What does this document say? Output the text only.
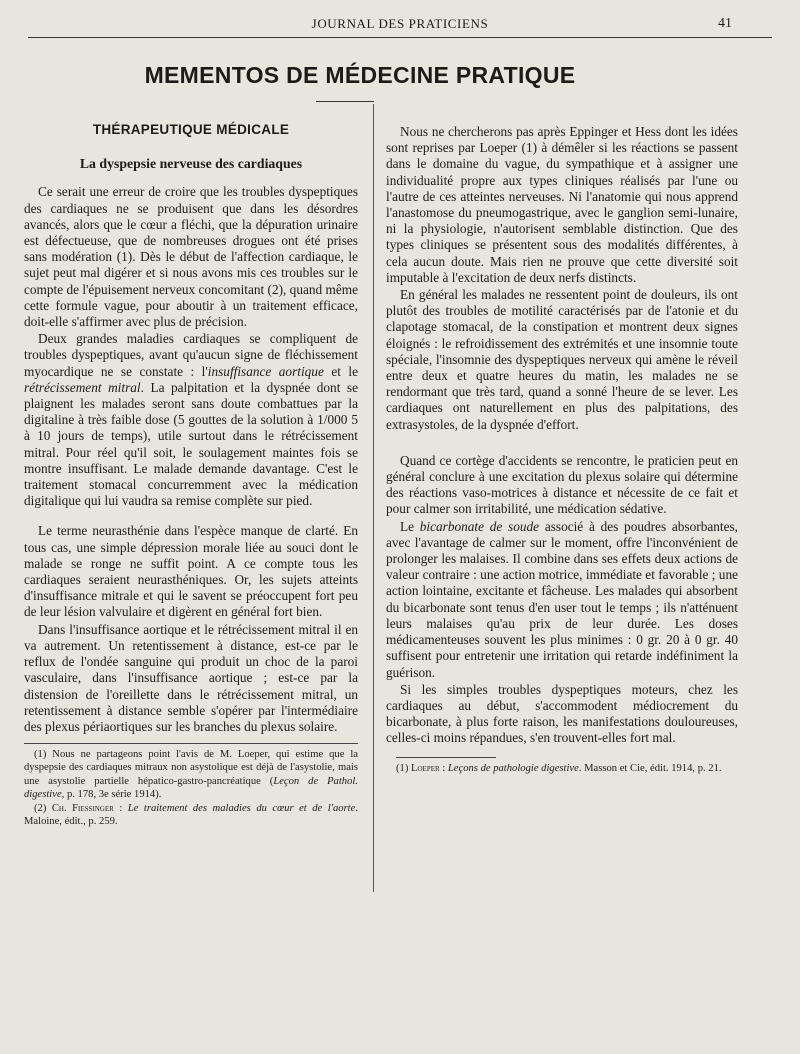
JOURNAL DES PRATICIENS	41
MEMENTOS DE MÉDECINE PRATIQUE
THÉRAPEUTIQUE MÉDICALE
La dyspepsie nerveuse des cardiaques

Ce serait une erreur de croire que les troubles dyspeptiques des cardiaques ne se produisent que dans les désordres avancés, alors que le cœur a fléchi, que la dépuration urinaire est défectueuse, que de nombreuses drogues ont été prises sans modération (1). Dès le début de l'affection cardiaque, le sujet peut mal digérer et si nous avons mis ces troubles sur le compte de l'épuisement nerveux concomitant (2), quand même cette formule vague, pour aboutir à un traitement efficace, doit-elle s'affirmer avec plus de précision.

Deux grandes maladies cardiaques se compliquent de troubles dyspeptiques, avant qu'aucun signe de fléchissement myocardique ne se constate : l'insuffisance aortique et le rétrécissement mitral. La palpitation et la dyspnée dont se plaignent les malades seront sans doute combattues par la digitaline à très faible dose (5 gouttes de la solution à 1/000 5 à 10 jours de temps), utile surtout dans le rétrécissement mitral. Pour réel qu'il soit, le soulagement maintes fois se montre insuffisant. Le malade demande davantage. C'est le traitement stomacal concurremment avec la médication digitalique qui lui vaudra sa remise complète sur pied.

Le terme neurasthénie dans l'espèce manque de clarté. En tous cas, une simple dépression morale liée au souci dont le malade se ronge ne suffit point. A ce compte tous les cardiaques seraient neurasthéniques. Or, les sujets atteints d'insuffisance mitrale et qui le savent se préoccupent fort peu de leur lésion valvulaire et digèrent en général fort bien.

Dans l'insuffisance aortique et le rétrécissement mitral il en va autrement. Un retentissement à distance, est-ce par le reflux de l'ondée sanguine qui produit un choc de la paroi vasculaire, dans l'insuffisance aortique ; est-ce par la distension de l'oreillette dans le rétrécissement mitral, un retentissement à distance semble s'opérer par l'intermédiaire des plexus périaortiques sur les branches du plexus solaire.

(1) Nous ne partageons point l'avis de M. Loeper, qui estime que la dyspepsie des cardiaques mitraux non asystolique est déjà de l'asystolie, mais une asystolie partielle hépatico-gastro-pancréatique (Leçon de Pathol. digestive, p. 178, 3e série 1914).

(2) Ch. Fiessinger : Le traitement des maladies du cœur et de l'aorte. Maloine, édit., p. 259.

Nous ne chercherons pas après Eppinger et Hess dont les idées sont reprises par Loeper (1) à démêler si les réactions se passent dans le domaine du vague, du sympathique et à assigner une individualité propre aux types cliniques réalisés par l'une ou l'autre de ces atteintes nerveuses. Ni l'anatomie qui nous apprend l'anastomose du pneumogastrique, avec le ganglion semi-lunaire, ni la physiologie, n'autorisent semblable distinction. Que des types cliniques se présentent sous des modalités différentes, à cela aucun doute. Mais rien ne prouve que cette diversité soit imputable à l'excitation de deux nerfs distincts.

En général les malades ne ressentent point de douleurs, ils ont plutôt des troubles de motilité caractérisés par de l'atonie et du clapotage stomacal, de la constipation et montrent deux signes éloignés : le refroidissement des extrémités et une insomnie toute spéciale, l'insomnie des dyspeptiques nerveux qui amène le réveil entre deux et quatre heures du matin, les malades ne se rendormant que très tard, quand a sonné l'heure de se lever. Les cardiaques ont naturellement en plus des palpitations, des extrasystoles, de la dyspnée d'effort.

Quand ce cortège d'accidents se rencontre, le praticien peut en général conclure à une excitation du plexus solaire qui détermine des réactions vaso-motrices à distance et nécessite de ce fait et pour calmer son irritabilité, une médication sédative.

Le bicarbonate de soude associé à des poudres absorbantes, avec l'avantage de calmer sur le moment, offre l'inconvénient de prolonger les malaises. Il combine dans ses effets deux actions de valeur contraire : une action motrice, immédiate et favorable ; une action lointaine, excitante et fâcheuse. Les malades qui absorbent du bicarbonate sont tenus d'en user tout le temps ; ils n'atténuent leurs malaises qu'au prix de leur durée. Les doses médicamenteuses souvent les plus minimes : 0 gr. 20 à 0 gr. 40 suffisent pour entretenir une irritation qui retarde indéfiniment la guérison.

Si les simples troubles dyspeptiques moteurs, chez les cardiaques au début, s'accommodent médiocrement du bicarbonate, à plus forte raison, les manifestations douloureuses, celles-ci moins répandues, s'en trouvent-elles fort mal.

(1) Loeper : Leçons de pathologie digestive. Masson et Cie, édit. 1914, p. 21.
